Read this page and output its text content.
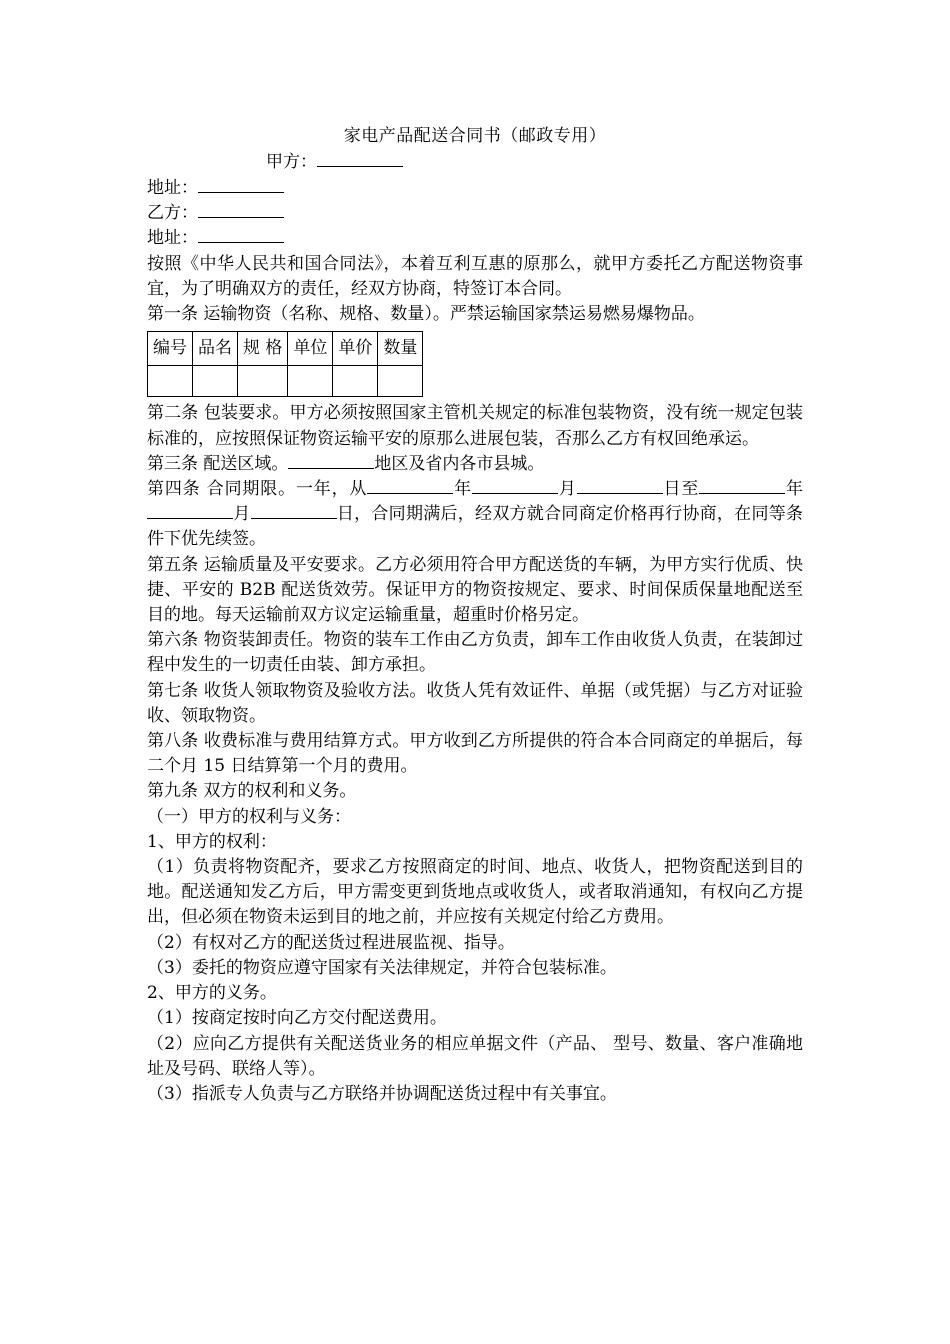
家电产品配送合同书（邮政专用）
甲方：

地址：

乙方：

地址：

按照《中华人民共和国合同法》，本着互利互惠的原那么，就甲方委托乙方配送物资事宜，为了明确双方的责任，经双方协商，特签订本合同。

第一条 运输物资（名称、规格、数量）。严禁运输国家禁运易燃易爆物品。

编号	品名	规 格	单位	单价	数量

第二条 包装要求。甲方必须按照国家主管机关规定的标准包装物资，没有统一规定包装标准的，应按照保证物资运输平安的原那么进展包装，否那么乙方有权回绝承运。

第三条 配送区域。	地区及省内各市县城。

第四条 合同期限。一年，从	年	月	日至	年月	日，合同期满后，经双方就合同商定价格再行协商，在同等条件下优先续签。

第五条 运输质量及平安要求。乙方必须用符合甲方配送货的车辆，为甲方实行优质、快捷、平安的 B2B 配送货效劳。保证甲方的物资按规定、要求、时间保质保量地配送至目的地。每天运输前双方议定运输重量，超重时价格另定。

第六条 物资装卸责任。物资的装车工作由乙方负责，卸车工作由收货人负责，在装卸过程中发生的一切责任由装、卸方承担。

第七条 收货人领取物资及验收方法。收货人凭有效证件、单据（或凭据）与乙方对证验收、领取物资。

第八条 收费标准与费用结算方式。甲方收到乙方所提供的符合本合同商定的单据后，每二个月 15 日结算第一个月的费用。

第九条 双方的权利和义务。

（一）甲方的权利与义务：

1、甲方的权利：

（1）负责将物资配齐，要求乙方按照商定的时间、地点、收货人，把物资配送到目的地。配送通知发乙方后，甲方需变更到货地点或收货人，或者取消通知，有权向乙方提出，但必须在物资未运到目的地之前，并应按有关规定付给乙方费用。

（2）有权对乙方的配送货过程进展监视、指导。

（3）委托的物资应遵守国家有关法律规定，并符合包装标准。

2、甲方的义务。

（1）按商定按时向乙方交付配送费用。

（2）应向乙方提供有关配送货业务的相应单据文件（产品、 型号、数量、客户准确地址及号码、联络人等）。

（3）指派专人负责与乙方联络并协调配送货过程中有关事宜。
